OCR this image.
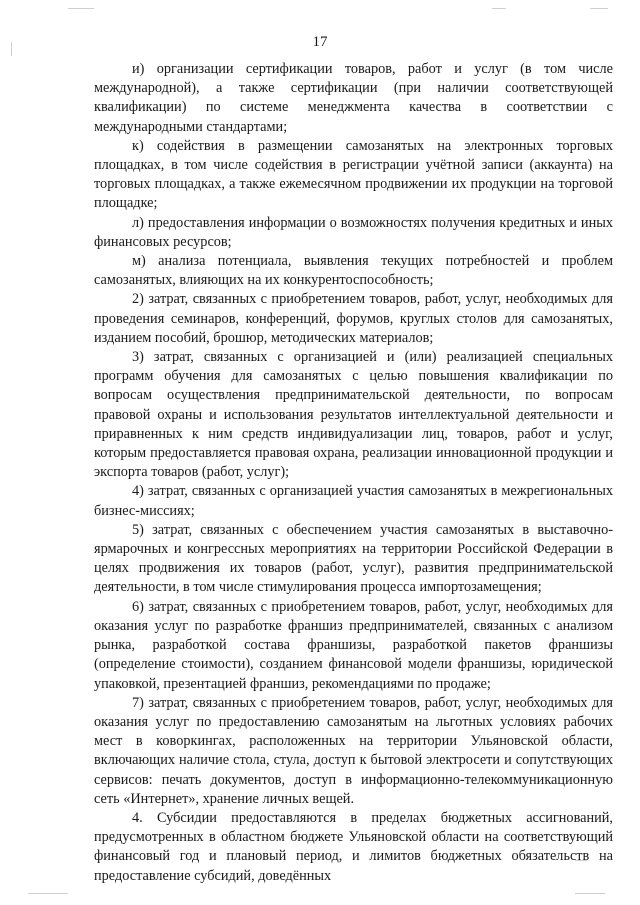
17

и) организации сертификации товаров, работ и услуг (в том числе международной), а также сертификации (при наличии соответствующей квалификации) по системе менеджмента качества в соответствии с международными стандартами;

к) содействия в размещении самозанятых на электронных торговых площадках, в том числе содействия в регистрации учётной записи (аккаунта) на торговых площадках, а также ежемесячном продвижении их продукции на торговой площадке;

л) предоставления информации о возможностях получения кредитных и иных финансовых ресурсов;

м) анализа потенциала, выявления текущих потребностей и проблем самозанятых, влияющих на их конкурентоспособность;

2) затрат, связанных с приобретением товаров, работ, услуг, необходимых для проведения семинаров, конференций, форумов, круглых столов для самозанятых, изданием пособий, брошюр, методических материалов;

3) затрат, связанных с организацией и (или) реализацией специальных программ обучения для самозанятых с целью повышения квалификации по вопросам осуществления предпринимательской деятельности, по вопросам правовой охраны и использования результатов интеллектуальной деятельности и приравненных к ним средств индивидуализации лиц, товаров, работ и услуг, которым предоставляется правовая охрана, реализации инновационной продукции и экспорта товаров (работ, услуг);

4) затрат, связанных с организацией участия самозанятых в межрегиональных бизнес-миссиях;

5) затрат, связанных с обеспечением участия самозанятых в выставочно-ярмарочных и конгрессных мероприятиях на территории Российской Федерации в целях продвижения их товаров (работ, услуг), развития предпринимательской деятельности, в том числе стимулирования процесса импортозамещения;

6) затрат, связанных с приобретением товаров, работ, услуг, необходимых для оказания услуг по разработке франшиз предпринимателей, связанных с анализом рынка, разработкой состава франшизы, разработкой пакетов франшизы (определение стоимости), созданием финансовой модели франшизы, юридической упаковкой, презентацией франшиз, рекомендациями по продаже;

7) затрат, связанных с приобретением товаров, работ, услуг, необходимых для оказания услуг по предоставлению самозанятым на льготных условиях рабочих мест в коворкингах, расположенных на территории Ульяновской области, включающих наличие стола, стула, доступ к бытовой электросети и сопутствующих сервисов: печать документов, доступ в информационно-телекоммуникационную сеть «Интернет», хранение личных вещей.

4. Субсидии предоставляются в пределах бюджетных ассигнований, предусмотренных в областном бюджете Ульяновской области на соответствующий финансовый год и плановый период, и лимитов бюджетных обязательств на предоставление субсидий, доведённых
